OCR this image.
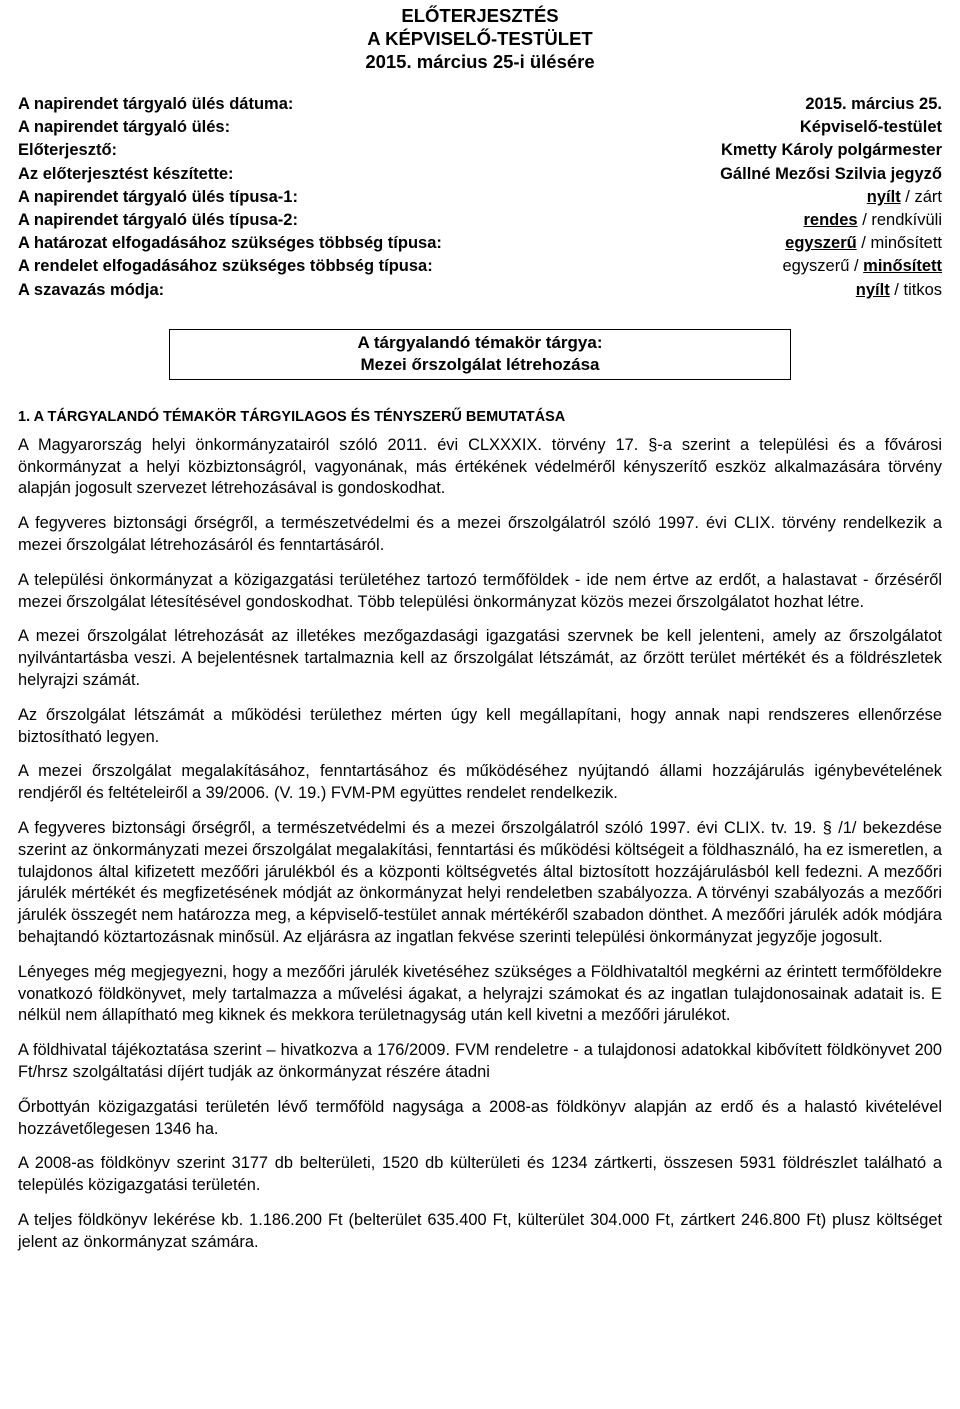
ELŐTERJESZTÉS
A KÉPVISELŐ-TESTÜLET
2015. március 25-i ülésére
A napirendet tárgyaló ülés dátuma:	2015. március 25.
A napirendet tárgyaló ülés:	Képviselő-testület
Előterjesztő:	Kmetty Károly polgármester
Az előterjesztést készítette:	Gállné Mezősi Szilvia jegyző
A napirendet tárgyaló ülés típusa-1:	nyílt / zárt
A napirendet tárgyaló ülés típusa-2:	rendes / rendkívüli
A határozat elfogadásához szükséges többség típusa:	egyszerű / minősített
A rendelet elfogadásához szükséges többség típusa:	egyszerű / minősített
A szavazás módja:	nyílt / titkos
A tárgyalandó témakör tárgya:
Mezei őrszolgálat létrehozása
1. A TÁRGYALANDÓ TÉMAKÖR TÁRGYILAGOS ÉS TÉNYSZERŰ BEMUTATÁSA

A Magyarország helyi önkormányzatairól szóló 2011. évi CLXXXIX. törvény 17. §-a szerint a települési és a fővárosi önkormányzat a helyi közbiztonságról, vagyonának, más értékének védelméről kényszerítő eszköz alkalmazására törvény alapján jogosult szervezet létrehozásával is gondoskodhat.

A fegyveres biztonsági őrségről, a természetvédelmi és a mezei őrszolgálatról szóló 1997. évi CLIX. törvény rendelkezik a mezei őrszolgálat létrehozásáról és fenntartásáról.

A települési önkormányzat a közigazgatási területéhez tartozó termőföldek - ide nem értve az erdőt, a halastavat - őrzéséről mezei őrszolgálat létesítésével gondoskodhat. Több települési önkormányzat közös mezei őrszolgálatot hozhat létre.

A mezei őrszolgálat létrehozását az illetékes mezőgazdasági igazgatási szervnek be kell jelenteni, amely az őrszolgálatot nyilvántartásba veszi. A bejelentésnek tartalmaznia kell az őrszolgálat létszámát, az őrzött terület mértékét és a földrészletek helyrajzi számát.

Az őrszolgálat létszámát a működési területhez mérten úgy kell megállapítani, hogy annak napi rendszeres ellenőrzése biztosítható legyen.

A mezei őrszolgálat megalakításához, fenntartásához és működéséhez nyújtandó állami hozzájárulás igénybevételének rendjéről és feltételeiről a 39/2006. (V. 19.) FVM-PM együttes rendelet rendelkezik.

A fegyveres biztonsági őrségről, a természetvédelmi és a mezei őrszolgálatról szóló 1997. évi CLIX. tv. 19. § /1/ bekezdése szerint az önkormányzati mezei őrszolgálat megalakítási, fenntartási és működési költségeit a földhasználó, ha ez ismeretlen, a tulajdonos által kifizetett mezőőri járulékból és a központi költségvetés által biztosított hozzájárulásból kell fedezni. A mezőőri járulék mértékét és megfizetésének módját az önkormányzat helyi rendeletben szabályozza. A törvényi szabályozás a mezőőri járulék összegét nem határozza meg, a képviselő-testület annak mértékéről szabadon dönthet. A mezőőri járulék adók módjára behajtandó köztartozásnak minősül. Az eljárásra az ingatlan fekvése szerinti települési önkormányzat jegyzője jogosult.

Lényeges még megjegyezni, hogy a mezőőri járulék kivetéséhez szükséges a Földhivataltól megkérni az érintett termőföldekre vonatkozó földkönyvet, mely tartalmazza a művelési ágakat, a helyrajzi számokat és az ingatlan tulajdonosainak adatait is. E nélkül nem állapítható meg kiknek és mekkora területnagyság után kell kivetni a mezőőri járulékot.

A földhivatal tájékoztatása szerint – hivatkozva a 176/2009. FVM rendeletre - a tulajdonosi adatokkal kibővített földkönyvet 200 Ft/hrsz szolgáltatási díjért tudják az önkormányzat részére átadni

Őrbottyán közigazgatási területén lévő termőföld nagysága a 2008-as földkönyv alapján az erdő és a halastó kivételével hozzávetőlegesen 1346 ha.

A 2008-as földkönyv szerint 3177 db belterületi, 1520 db külterületi és 1234 zártkerti, összesen 5931 földrészlet található a település közigazgatási területén.

A teljes földkönyv lekérése kb. 1.186.200 Ft (belterület 635.400 Ft, külterület 304.000 Ft, zártkert 246.800 Ft) plusz költséget jelent az önkormányzat számára.
